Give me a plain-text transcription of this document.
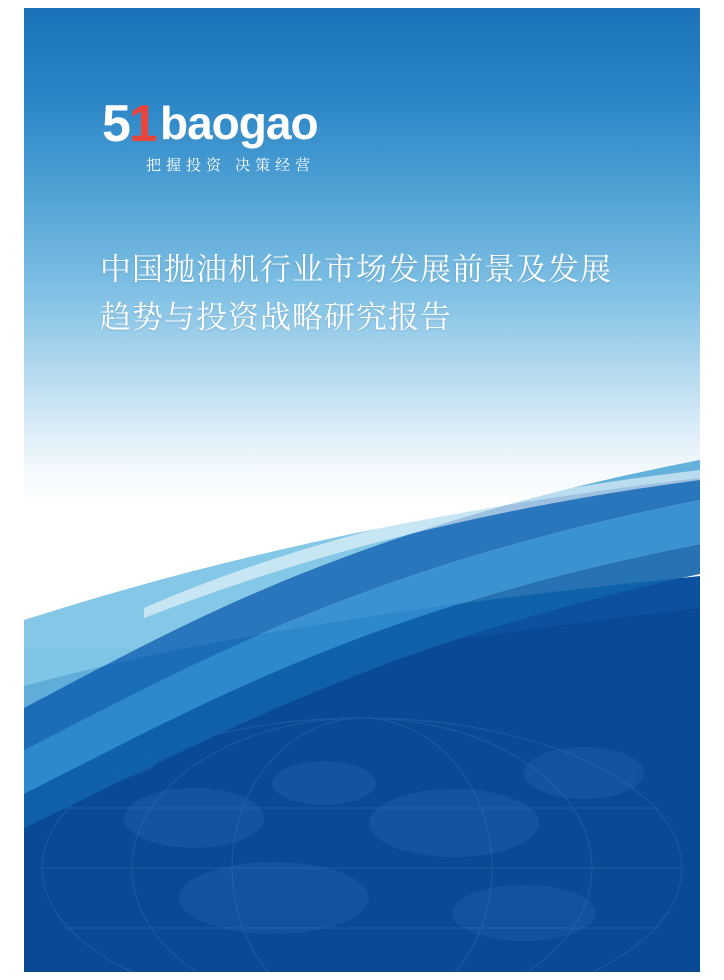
51 baogao
把握投资 决策经营
中国抛油机行业市场发展前景及发展
趋势与投资战略研究报告
